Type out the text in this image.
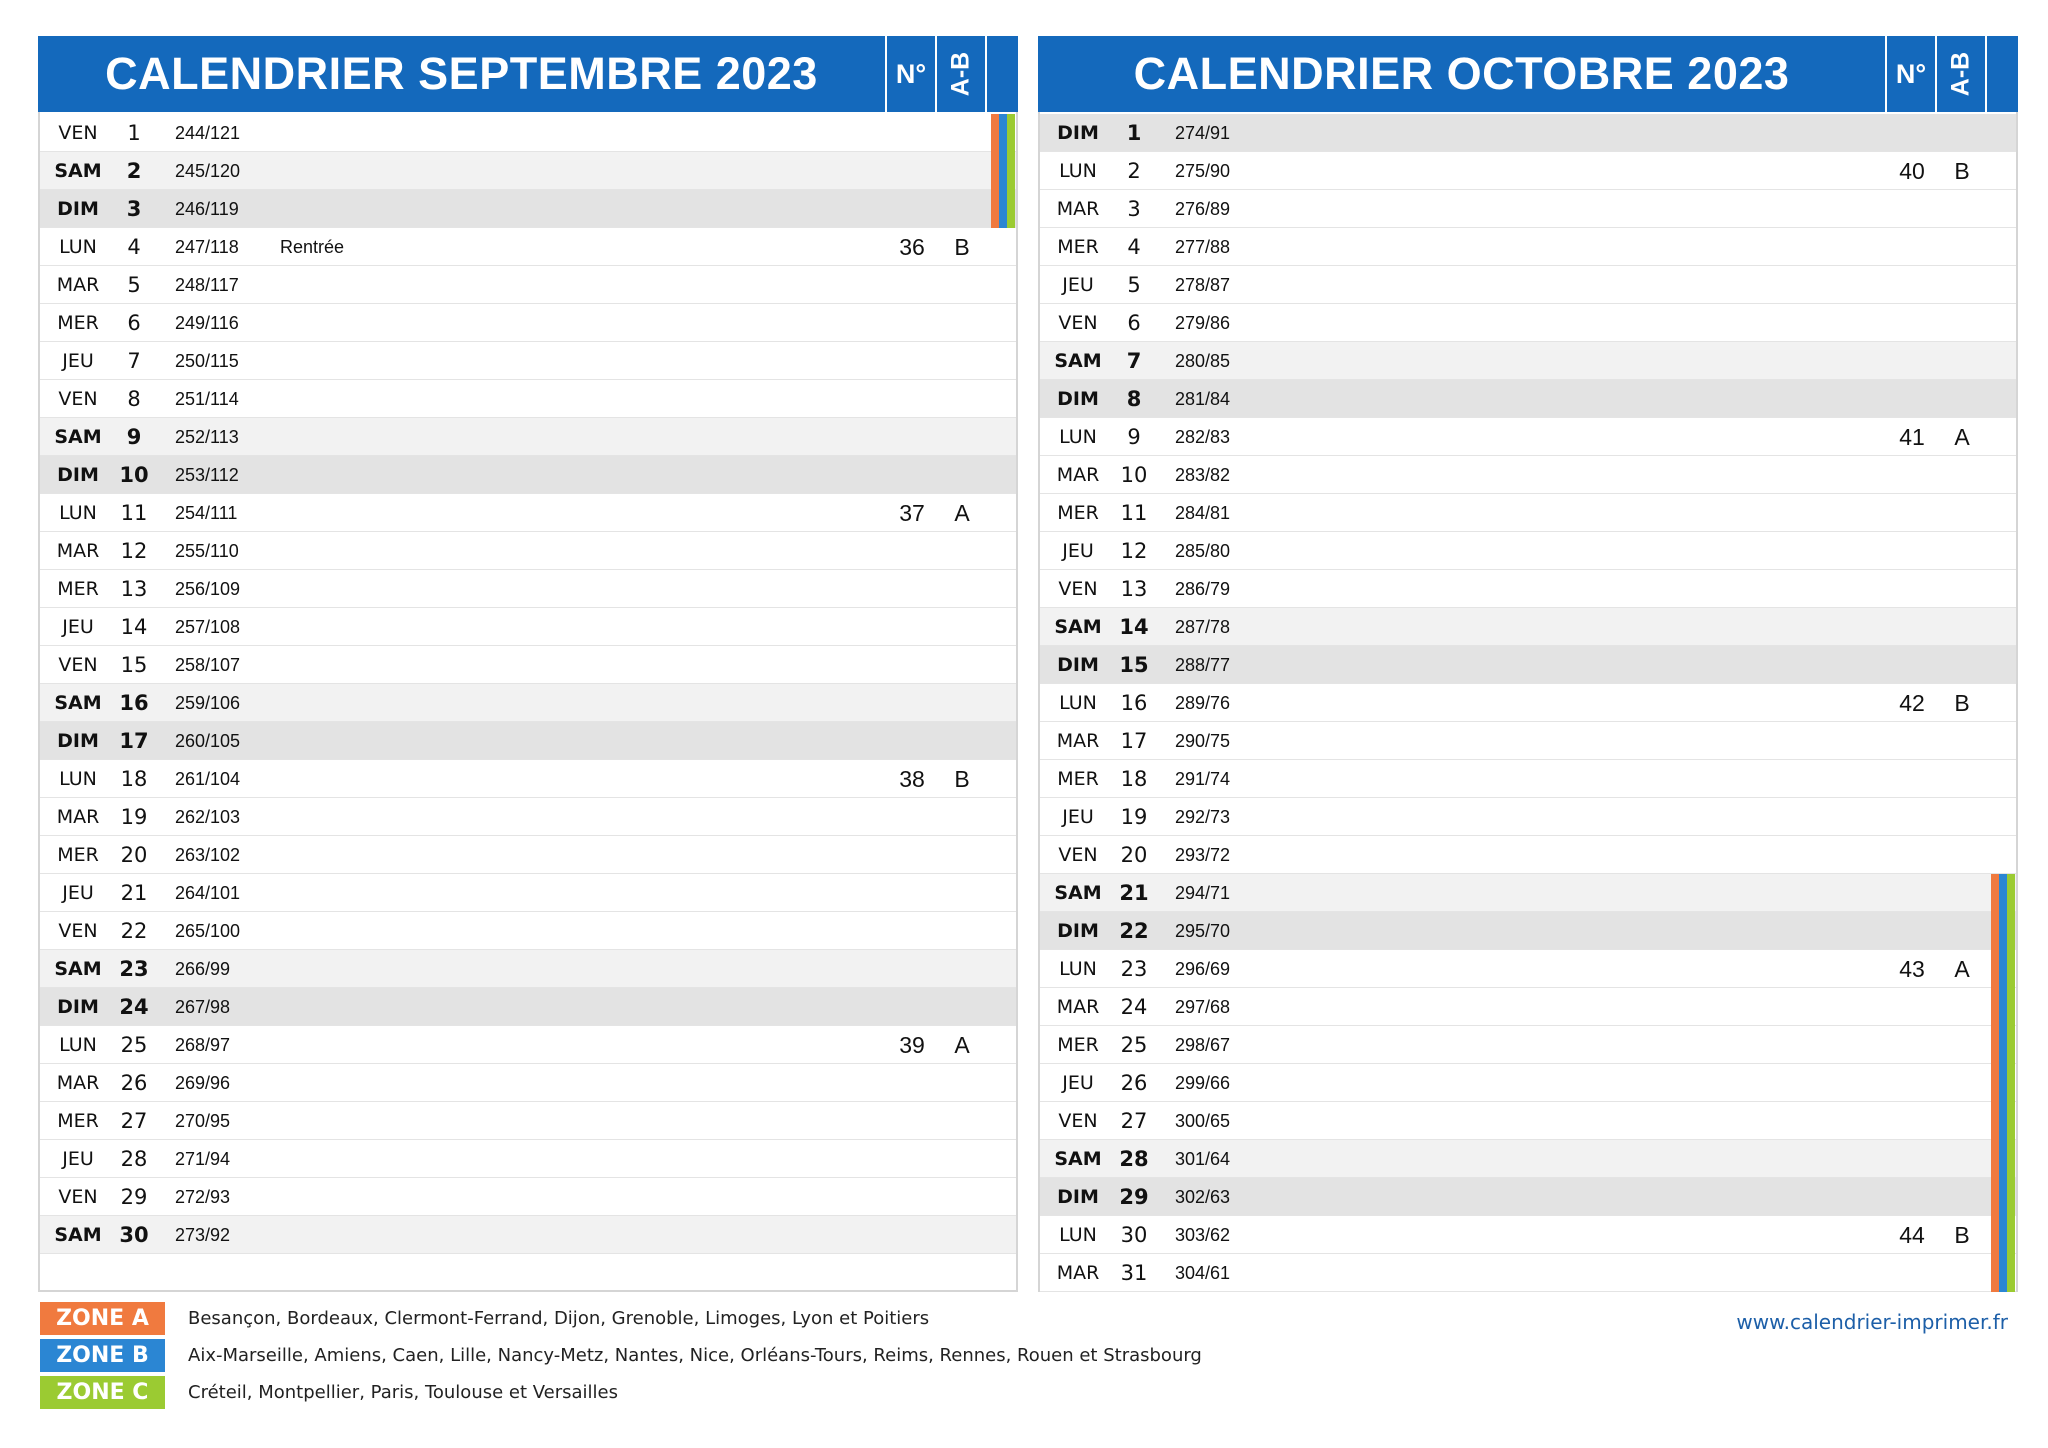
CALENDRIER SEPTEMBRE 2023	N° A-B
VEN	1	244/121
SAM	2	245/120
DIM	3	246/119
LUN	4	247/118 Rentrée	36	B
MAR	5	248/117
MER	6	249/116
JEU	7	250/115
VEN	8	251/114
SAM	9	252/113
DIM 10 253/112
LUN	11 254/111	37	A
MAR	12 255/110
MER	13 256/109
JEU	14 257/108
VEN	15 258/107
SAM 16 259/106
DIM 17 260/105
LUN	18 261/104	38	B
MAR	19 262/103
MER	20 263/102
JEU	21 264/101
VEN	22 265/100
SAM 23 266/99
DIM 24 267/98
LUN	25 268/97	39	A
MAR	26 269/96
MER	27 270/95
JEU	28 271/94
VEN	29 272/93
SAM 30 273/92
CALENDRIER OCTOBRE 2023	N° A-B
DIM	1	274/91
LUN	2	275/90	40	B
MAR	3	276/89
MER	4	277/88
JEU	5	278/87
VEN	6	279/86
SAM	7	280/85
DIM	8	281/84
LUN	9	282/83	41	A
MAR	10 283/82
MER	11 284/81
JEU	12 285/80
VEN	13 286/79
SAM 14 287/78
DIM 15 288/77
LUN	16 289/76	42	B
MAR	17 290/75
MER	18 291/74
JEU	19 292/73
VEN	20 293/72
SAM 21 294/71
DIM 22 295/70
LUN	23 296/69	43	A
MAR	24 297/68
MER	25 298/67
JEU	26 299/66
VEN	27 300/65
SAM 28 301/64
DIM 29 302/63
LUN	30 303/62	44	B
MAR	31 304/61
ZONE A	Besançon, Bordeaux, Clermont-Ferrand, Dijon, Grenoble, Limoges, Lyon et Poitiers
ZONE B	Aix-Marseille, Amiens, Caen, Lille, Nancy-Metz, Nantes, Nice, Orléans-Tours, Reims, Rennes, Rouen et Strasbourg
ZONE C	Créteil, Montpellier, Paris, Toulouse et Versailles
www.calendrier-imprimer.fr
